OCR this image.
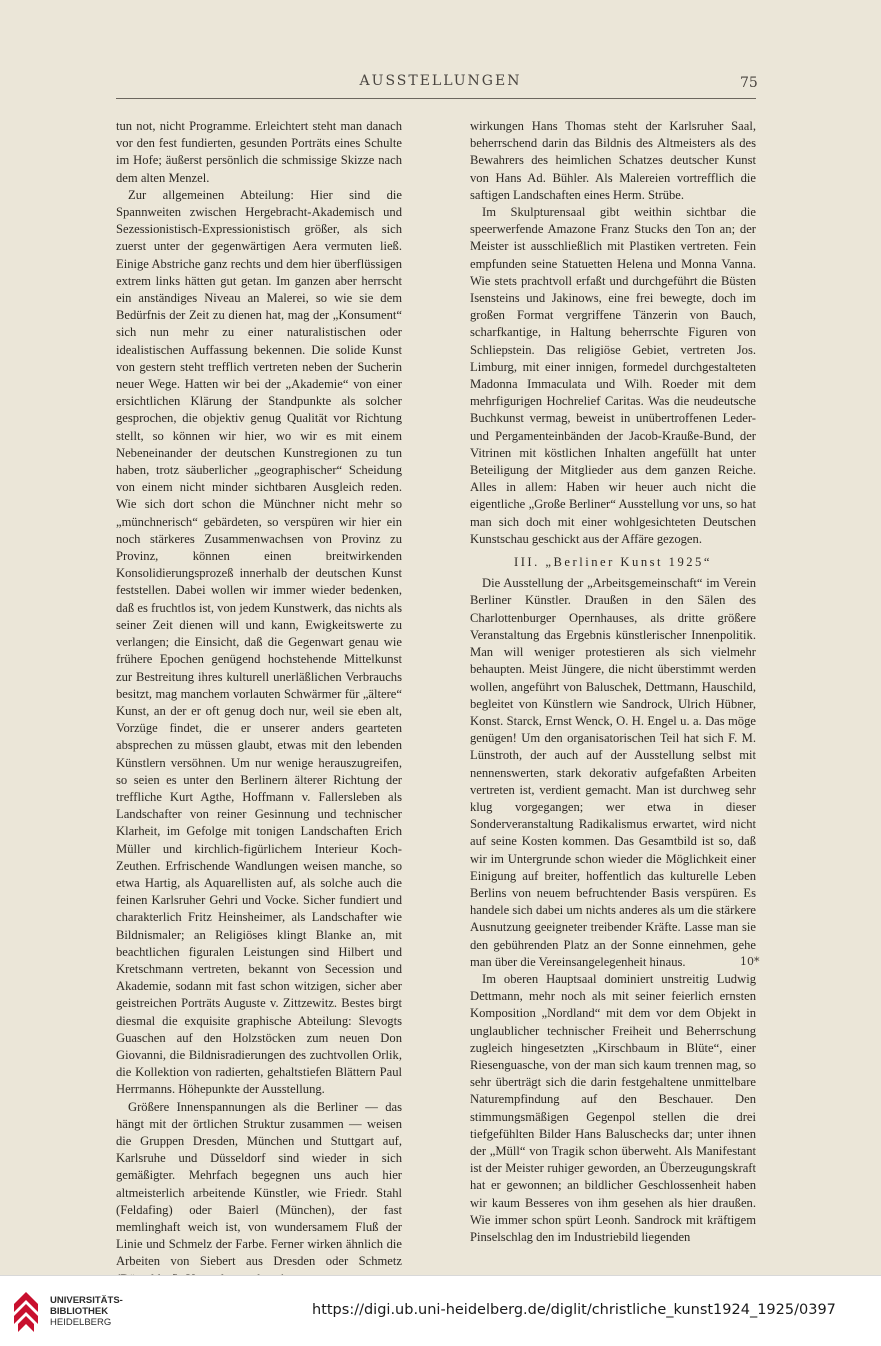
AUSSTELLUNGEN	75

tun not, nicht Programme. Erleichtert steht man danach vor den fest fundierten, gesunden Porträts eines Schulte im Hofe; äußerst persönlich die schmissige Skizze nach dem alten Menzel.

Zur allgemeinen Abteilung: Hier sind die Spannweiten zwischen Hergebracht-Akademisch und Sezessionistisch-Expressionistisch größer, als sich zuerst unter der gegenwärtigen Aera vermuten ließ. Einige Abstriche ganz rechts und dem hier überflüssigen extrem links hätten gut getan. Im ganzen aber herrscht ein anständiges Niveau an Malerei, so wie sie dem Bedürfnis der Zeit zu dienen hat, mag der „Konsument“ sich nun mehr zu einer naturalistischen oder idealistischen Auffassung bekennen. Die solide Kunst von gestern steht trefflich vertreten neben der Sucherin neuer Wege. Hatten wir bei der „Akademie“ von einer ersichtlichen Klärung der Standpunkte als solcher gesprochen, die objektiv genug Qualität vor Richtung stellt, so können wir hier, wo wir es mit einem Nebeneinander der deutschen Kunstregionen zu tun haben, trotz säuberlicher „geographischer“ Scheidung von einem nicht minder sichtbaren Ausgleich reden. Wie sich dort schon die Münchner nicht mehr so „münchnerisch“ gebärdeten, so verspüren wir hier ein noch stärkeres Zusammenwachsen von Provinz zu Provinz, können einen breitwirkenden Konsolidierungsprozeß innerhalb der deutschen Kunst feststellen. Dabei wollen wir immer wieder bedenken, daß es fruchtlos ist, von jedem Kunstwerk, das nichts als seiner Zeit dienen will und kann, Ewigkeitswerte zu verlangen; die Einsicht, daß die Gegenwart genau wie frühere Epochen genügend hochstehende Mittelkunst zur Bestreitung ihres kulturell unerläßlichen Verbrauchs besitzt, mag manchem vorlauten Schwärmer für „ältere“ Kunst, an der er oft genug doch nur, weil sie eben alt, Vorzüge findet, die er unserer anders gearteten absprechen zu müssen glaubt, etwas mit den lebenden Künstlern versöhnen. Um nur wenige herauszugreifen, so seien es unter den Berlinern älterer Richtung der treffliche Kurt Agthe, Hoffmann v. Fallersleben als Landschafter von reiner Gesinnung und technischer Klarheit, im Gefolge mit tonigen Landschaften Erich Müller und kirchlich-figürlichem Interieur Koch-Zeuthen. Erfrischende Wandlungen weisen manche, so etwa Hartig, als Aquarellisten auf, als solche auch die feinen Karlsruher Gehri und Vocke. Sicher fundiert und charakterlich Fritz Heinsheimer, als Landschafter wie Bildnismaler; an Religiöses klingt Blanke an, mit beachtlichen figuralen Leistungen sind Hilbert und Kretschmann vertreten, bekannt von Secession und Akademie, sodann mit fast schon witzigen, sicher aber geistreichen Porträts Auguste v. Zittzewitz. Bestes birgt diesmal die exquisite graphische Abteilung: Slevogts Guaschen auf den Holzstöcken zum neuen Don Giovanni, die Bildnisradierungen des zuchtvollen Orlik, die Kollektion von radierten, gehaltstiefen Blättern Paul Herrmanns. Höhepunkte der Ausstellung.

Größere Innenspannungen als die Berliner — das hängt mit der örtlichen Struktur zusammen — weisen die Gruppen Dresden, München und Stuttgart auf, Karlsruhe und Düsseldorf sind wieder in sich gemäßigter. Mehrfach begegnen uns auch hier altmeisterlich arbeitende Künstler, wie Friedr. Stahl (Feldafing) oder Baierl (München), der fast memlinghaft weich ist, von wundersamem Fluß der Linie und Schmelz der Farbe. Ferner wirken ähnlich die Arbeiten von Siebert aus Dresden oder Schmetz

wirkungen Hans Thomas steht der Karlsruher Saal, beherrschend darin das Bildnis des Altmeisters als des Bewahrers des heimlichen Schatzes deutscher Kunst von Hans Ad. Bühler. Als Malereien vortrefflich die saftigen Landschaften eines Herm. Strübe.

Im Skulpturensaal gibt weithin sichtbar die speerwerfende Amazone Franz Stucks den Ton an; der Meister ist ausschließlich mit Plastiken vertreten. Fein empfunden seine Statuetten Helena und Monna Vanna. Wie stets prachtvoll erfaßt und durchgeführt die Büsten Isensteins und Jakinows, eine frei bewegte, doch im großen Format vergriffene Tänzerin von Bauch, scharfkantige, in Haltung beherrschte Figuren von Schliepstein. Das religiöse Gebiet, vertreten Jos. Limburg, mit einer innigen, formedel durchgestalteten Madonna Immaculata und Wilh. Roeder mit dem mehrfigurigen Hochrelief Caritas. Was die neudeutsche Buchkunst vermag, beweist in unübertroffenen Leder- und Pergamenteinbänden der Jacob-Krauße-Bund, der Vitrinen mit köstlichen Inhalten angefüllt hat unter Beteiligung der Mitglieder aus dem ganzen Reiche. Alles in allem: Haben wir heuer auch nicht die eigentliche „Große Berliner“ Ausstellung vor uns, so hat man sich doch mit einer wohlgesichteten Deutschen Kunstschau geschickt aus der Affäre gezogen.

III. „Berliner Kunst 1925“

Die Ausstellung der „Arbeitsgemeinschaft“ im Verein Berliner Künstler. Draußen in den Sälen des Charlottenburger Opernhauses, als dritte größere Veranstaltung das Ergebnis künstlerischer Innenpolitik. Man will weniger protestieren als sich vielmehr behaupten. Meist Jüngere, die nicht überstimmt werden wollen, angeführt von Baluschek, Dettmann, Hauschild, begleitet von Künstlern wie Sandrock, Ulrich Hübner, Konst. Starck, Ernst Wenck, O. H. Engel u. a. Das möge genügen! Um den organisatorischen Teil hat sich F. M. Lünstroth, der auch auf der Ausstellung selbst mit nennenswerten, stark dekorativ aufgefaßten Arbeiten vertreten ist, verdient gemacht. Man ist durchweg sehr klug vorgegangen; wer etwa in dieser Sonderveranstaltung Radikalismus erwartet, wird nicht auf seine Kosten kommen. Das Gesamtbild ist so, daß wir im Untergrunde schon wieder die Möglichkeit einer Einigung auf breiter, hoffentlich das kulturelle Leben Berlins von neuem befruchtender Basis verspüren. Es handele sich dabei um nichts anderes als um die stärkere Ausnutzung geeigneter treibender Kräfte. Lasse man sie den gebührenden Platz an der Sonne einnehmen, gehe man über die Vereinsangelegenheit hinaus.

Im oberen Hauptsaal dominiert unstreitig Ludwig Dettmann, mehr noch als mit seiner feierlich ernsten Komposition „Nordland“ mit dem vor dem Objekt in unglaublicher technischer Freiheit und Beherrschung zugleich hingesetzten „Kirschbaum in Blüte“, einer Riesenguasche, von der man sich kaum trennen mag, so sehr überträgt sich die darin festgehaltene unmittelbare Naturempfindung auf den Beschauer. Den stimmungsmäßigen Gegenpol stellen die drei tiefgefühlten Bilder Hans Baluschecks dar; unter ihnen der „Müll“ von Tragik schon überweht. Als Manifestant ist der Meister ruhiger geworden, an Überzeugungskraft hat er gewonnen; an bildlicher Geschlossenheit haben wir kaum Besseres von ihm gesehen als hier draußen. Wie immer schon spürt Leonh. Sandrock mit kräftigem Pinselschlag den im Industriebild liegenden

10*
UNIVERSITÄTS-
BIBLIOTHEK
HEIDELBERG
https://digi.ub.uni-heidelberg.de/diglit/christliche_kunst1924_1925/0397
